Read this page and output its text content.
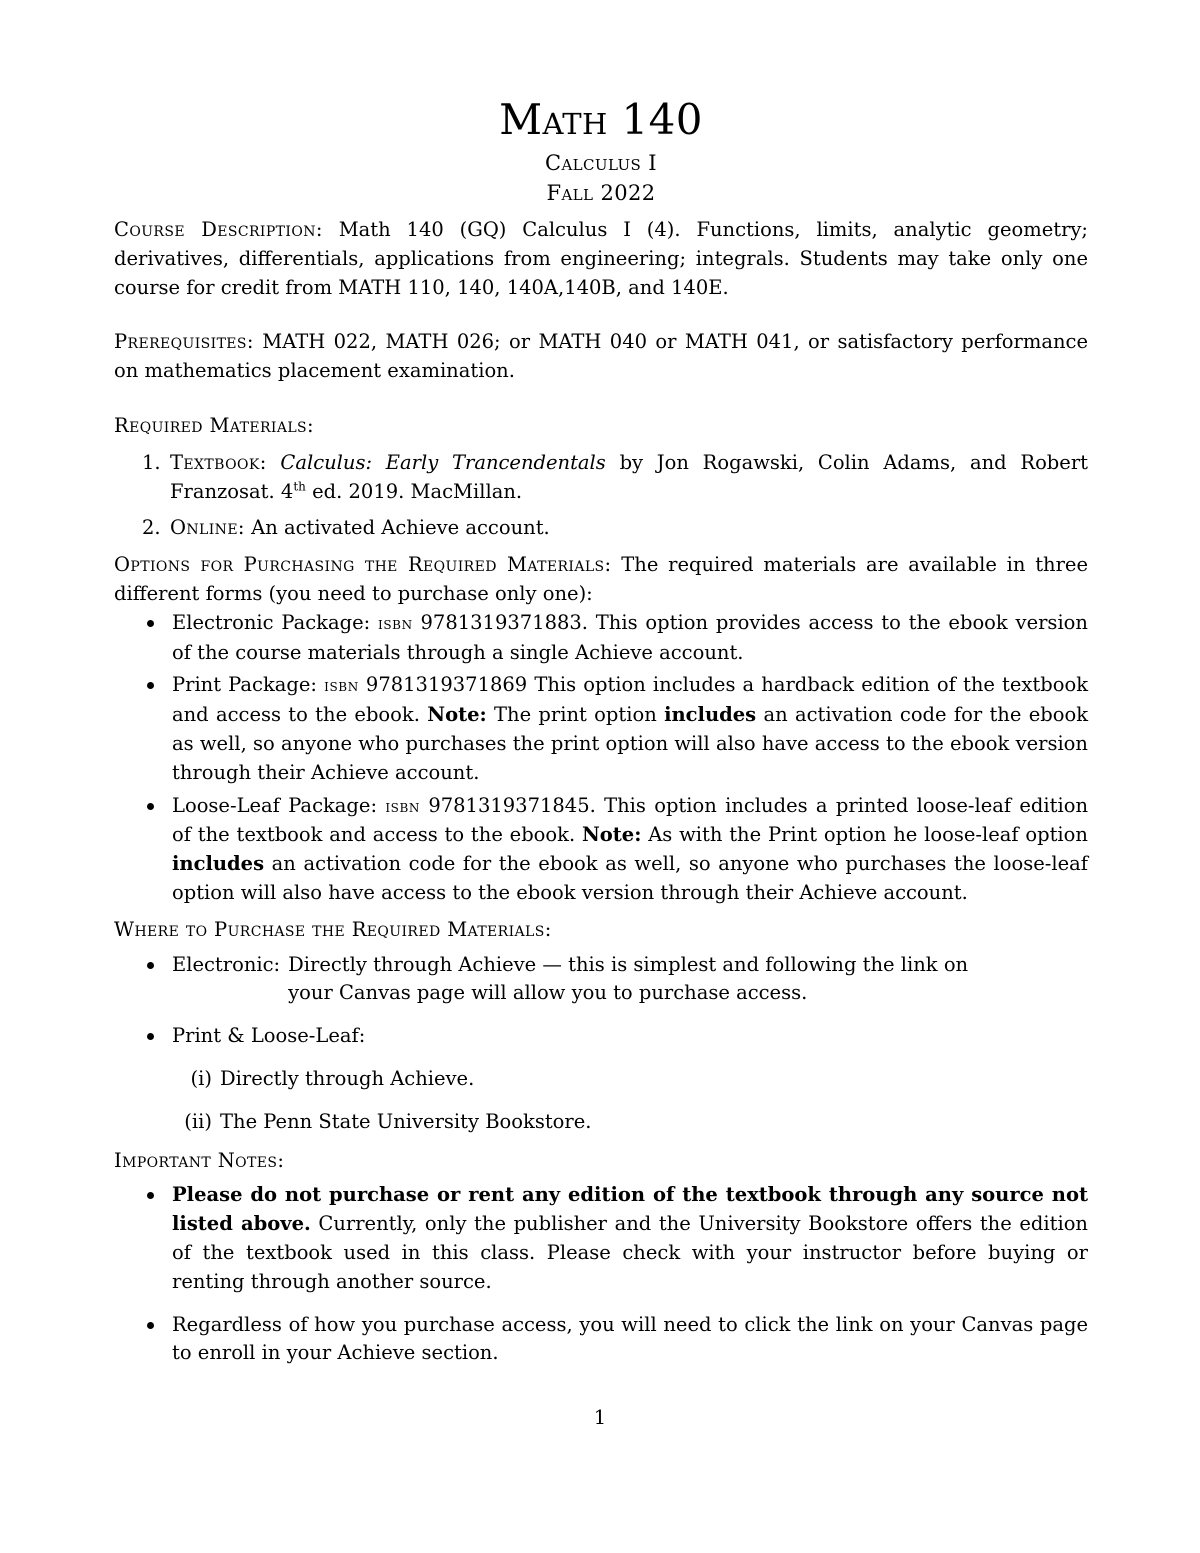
Math 140
Calculus I
Fall 2022

Course Description: Math 140 (GQ) Calculus I (4). Functions, limits, analytic geometry; derivatives, differentials, applications from engineering; integrals. Students may take only one course for credit from MATH 110, 140, 140A,140B, and 140E.

Prerequisites: MATH 022, MATH 026; or MATH 040 or MATH 041, or satisfactory performance on mathematics placement examination.

Required Materials:
1. Textbook: Calculus: Early Trancendentals by Jon Rogawski, Colin Adams, and Robert Franzosat. 4th ed. 2019. MacMillan.
2. Online: An activated Achieve account.

Options for Purchasing the Required Materials: The required materials are available in three different forms (you need to purchase only one):

Electronic Package: isbn 9781319371883. This option provides access to the ebook version of the course materials through a single Achieve account.
Print Package: isbn 9781319371869 This option includes a hardback edition of the textbook and access to the ebook. Note: The print option includes an activation code for the ebook as well, so anyone who purchases the print option will also have access to the ebook version through their Achieve account.
Loose-Leaf Package: isbn 9781319371845. This option includes a printed loose-leaf edition of the textbook and access to the ebook. Note: As with the Print option he loose-leaf option includes an activation code for the ebook as well, so anyone who purchases the loose-leaf option will also have access to the ebook version through their Achieve account.
Where to Purchase the Required Materials:
Electronic: Directly through Achieve — this is simplest and following the link on your Canvas page will allow you to purchase access.
Print & Loose-Leaf:
(i) Directly through Achieve.
(ii) The Penn State University Bookstore.
Important Notes:
Please do not purchase or rent any edition of the textbook through any source not listed above. Currently, only the publisher and the University Bookstore offers the edition of the textbook used in this class. Please check with your instructor before buying or renting through another source.
Regardless of how you purchase access, you will need to click the link on your Canvas page to enroll in your Achieve section.
1
